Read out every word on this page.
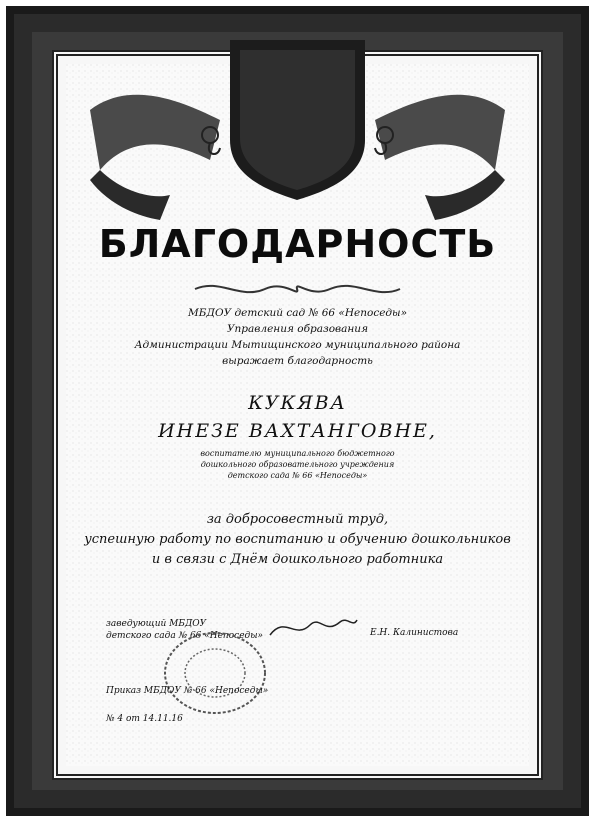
БЛАГОДАРНОСТЬ
МБДОУ детский сад № 66 «Непоседы»
Управления образования
Администрации Мытищинского муниципального района
выражает благодарность
КУКЯВА
ИНЕЗЕ ВАХТАНГОВНЕ,
воспитателю муниципального бюджетного
дошкольного образовательного учреждения
детского сада № 66 «Непоседы»
за добросовестный труд,
успешную работу по воспитанию и обучению дошкольников
и в связи с Днём дошкольного работника
заведующий МБДОУ
детского сада № 66 «Непоседы»	Е.Н. Калинистова
Приказ МБДОУ № 66 «Непоседы»
№ 4 от 14.11.16
